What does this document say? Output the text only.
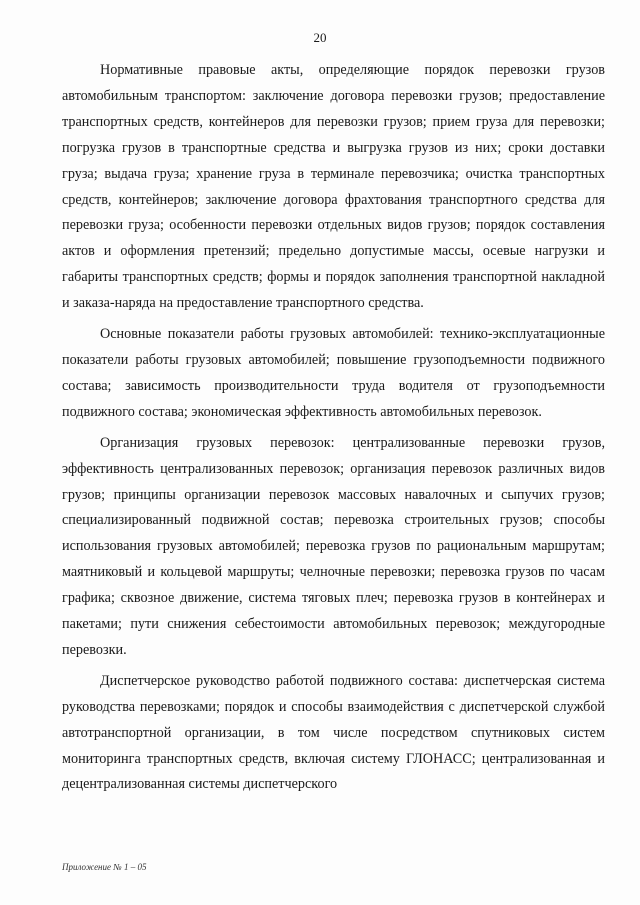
20

Нормативные правовые акты, определяющие порядок перевозки грузов автомобильным транспортом: заключение договора перевозки грузов; предоставление транспортных средств, контейнеров для перевозки грузов; прием груза для перевозки; погрузка грузов в транспортные средства и выгрузка грузов из них; сроки доставки груза; выдача груза; хранение груза в терминале перевозчика; очистка транспортных средств, контейнеров; заключение договора фрахтования транспортного средства для перевозки груза; особенности перевозки отдельных видов грузов; порядок составления актов и оформления претензий; предельно допустимые массы, осевые нагрузки и габариты транспортных средств; формы и порядок заполнения транспортной накладной и заказа-наряда на предоставление транспортного средства.

Основные показатели работы грузовых автомобилей: технико-эксплуатационные показатели работы грузовых автомобилей; повышение грузоподъемности подвижного состава; зависимость производительности труда водителя от грузоподъемности подвижного состава; экономическая эффективность автомобильных перевозок.

Организация грузовых перевозок: централизованные перевозки грузов, эффективность централизованных перевозок; организация перевозок различных видов грузов; принципы организации перевозок массовых навалочных и сыпучих грузов; специализированный подвижной состав; перевозка строительных грузов; способы использования грузовых автомобилей; перевозка грузов по рациональным маршрутам; маятниковый и кольцевой маршруты; челночные перевозки; перевозка грузов по часам графика; сквозное движение, система тяговых плеч; перевозка грузов в контейнерах и пакетами; пути снижения себестоимости автомобильных перевозок; междугородные перевозки.

Диспетчерское руководство работой подвижного состава: диспетчерская система руководства перевозками; порядок и способы взаимодействия с диспетчерской службой автотранспортной организации, в том числе посредством спутниковых систем мониторинга транспортных средств, включая систему ГЛОНАСС; централизованная и децентрализованная системы диспетчерского

Приложение № 1 – 05
